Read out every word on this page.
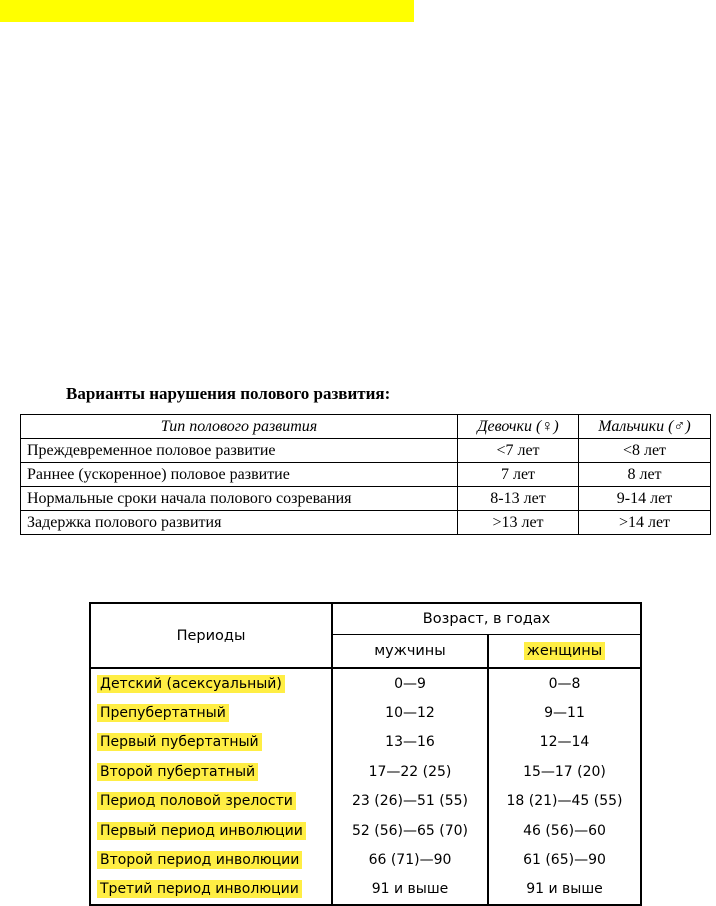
Варианты нарушения полового развития:
Тип полового развития	Девочки (♀)	Мальчики (♂)
Преждевременное половое развитие	<7 лет	<8 лет
Раннее (ускоренное) половое развитие	7 лет	8 лет
Нормальные сроки начала полового созревания	8-13 лет	9-14 лет
Задержка полового развития	>13 лет	>14 лет
Периоды	Возраст, в годах	
	мужчины	женщины
Детский (асексуальный)	0—9	0—8
Препубертатный	10—12	9—11
Первый пубертатный	13—16	12—14
Второй пубертатный	17—22 (25)	15—17 (20)
Период половой зрелости	23 (26)—51 (55)	18 (21)—45 (55)
Первый период инволюции	52 (56)—65 (70)	46 (56)—60
Второй период инволюции	66 (71)—90	61 (65)—90
Третий период инволюции	91 и выше	91 и выше
